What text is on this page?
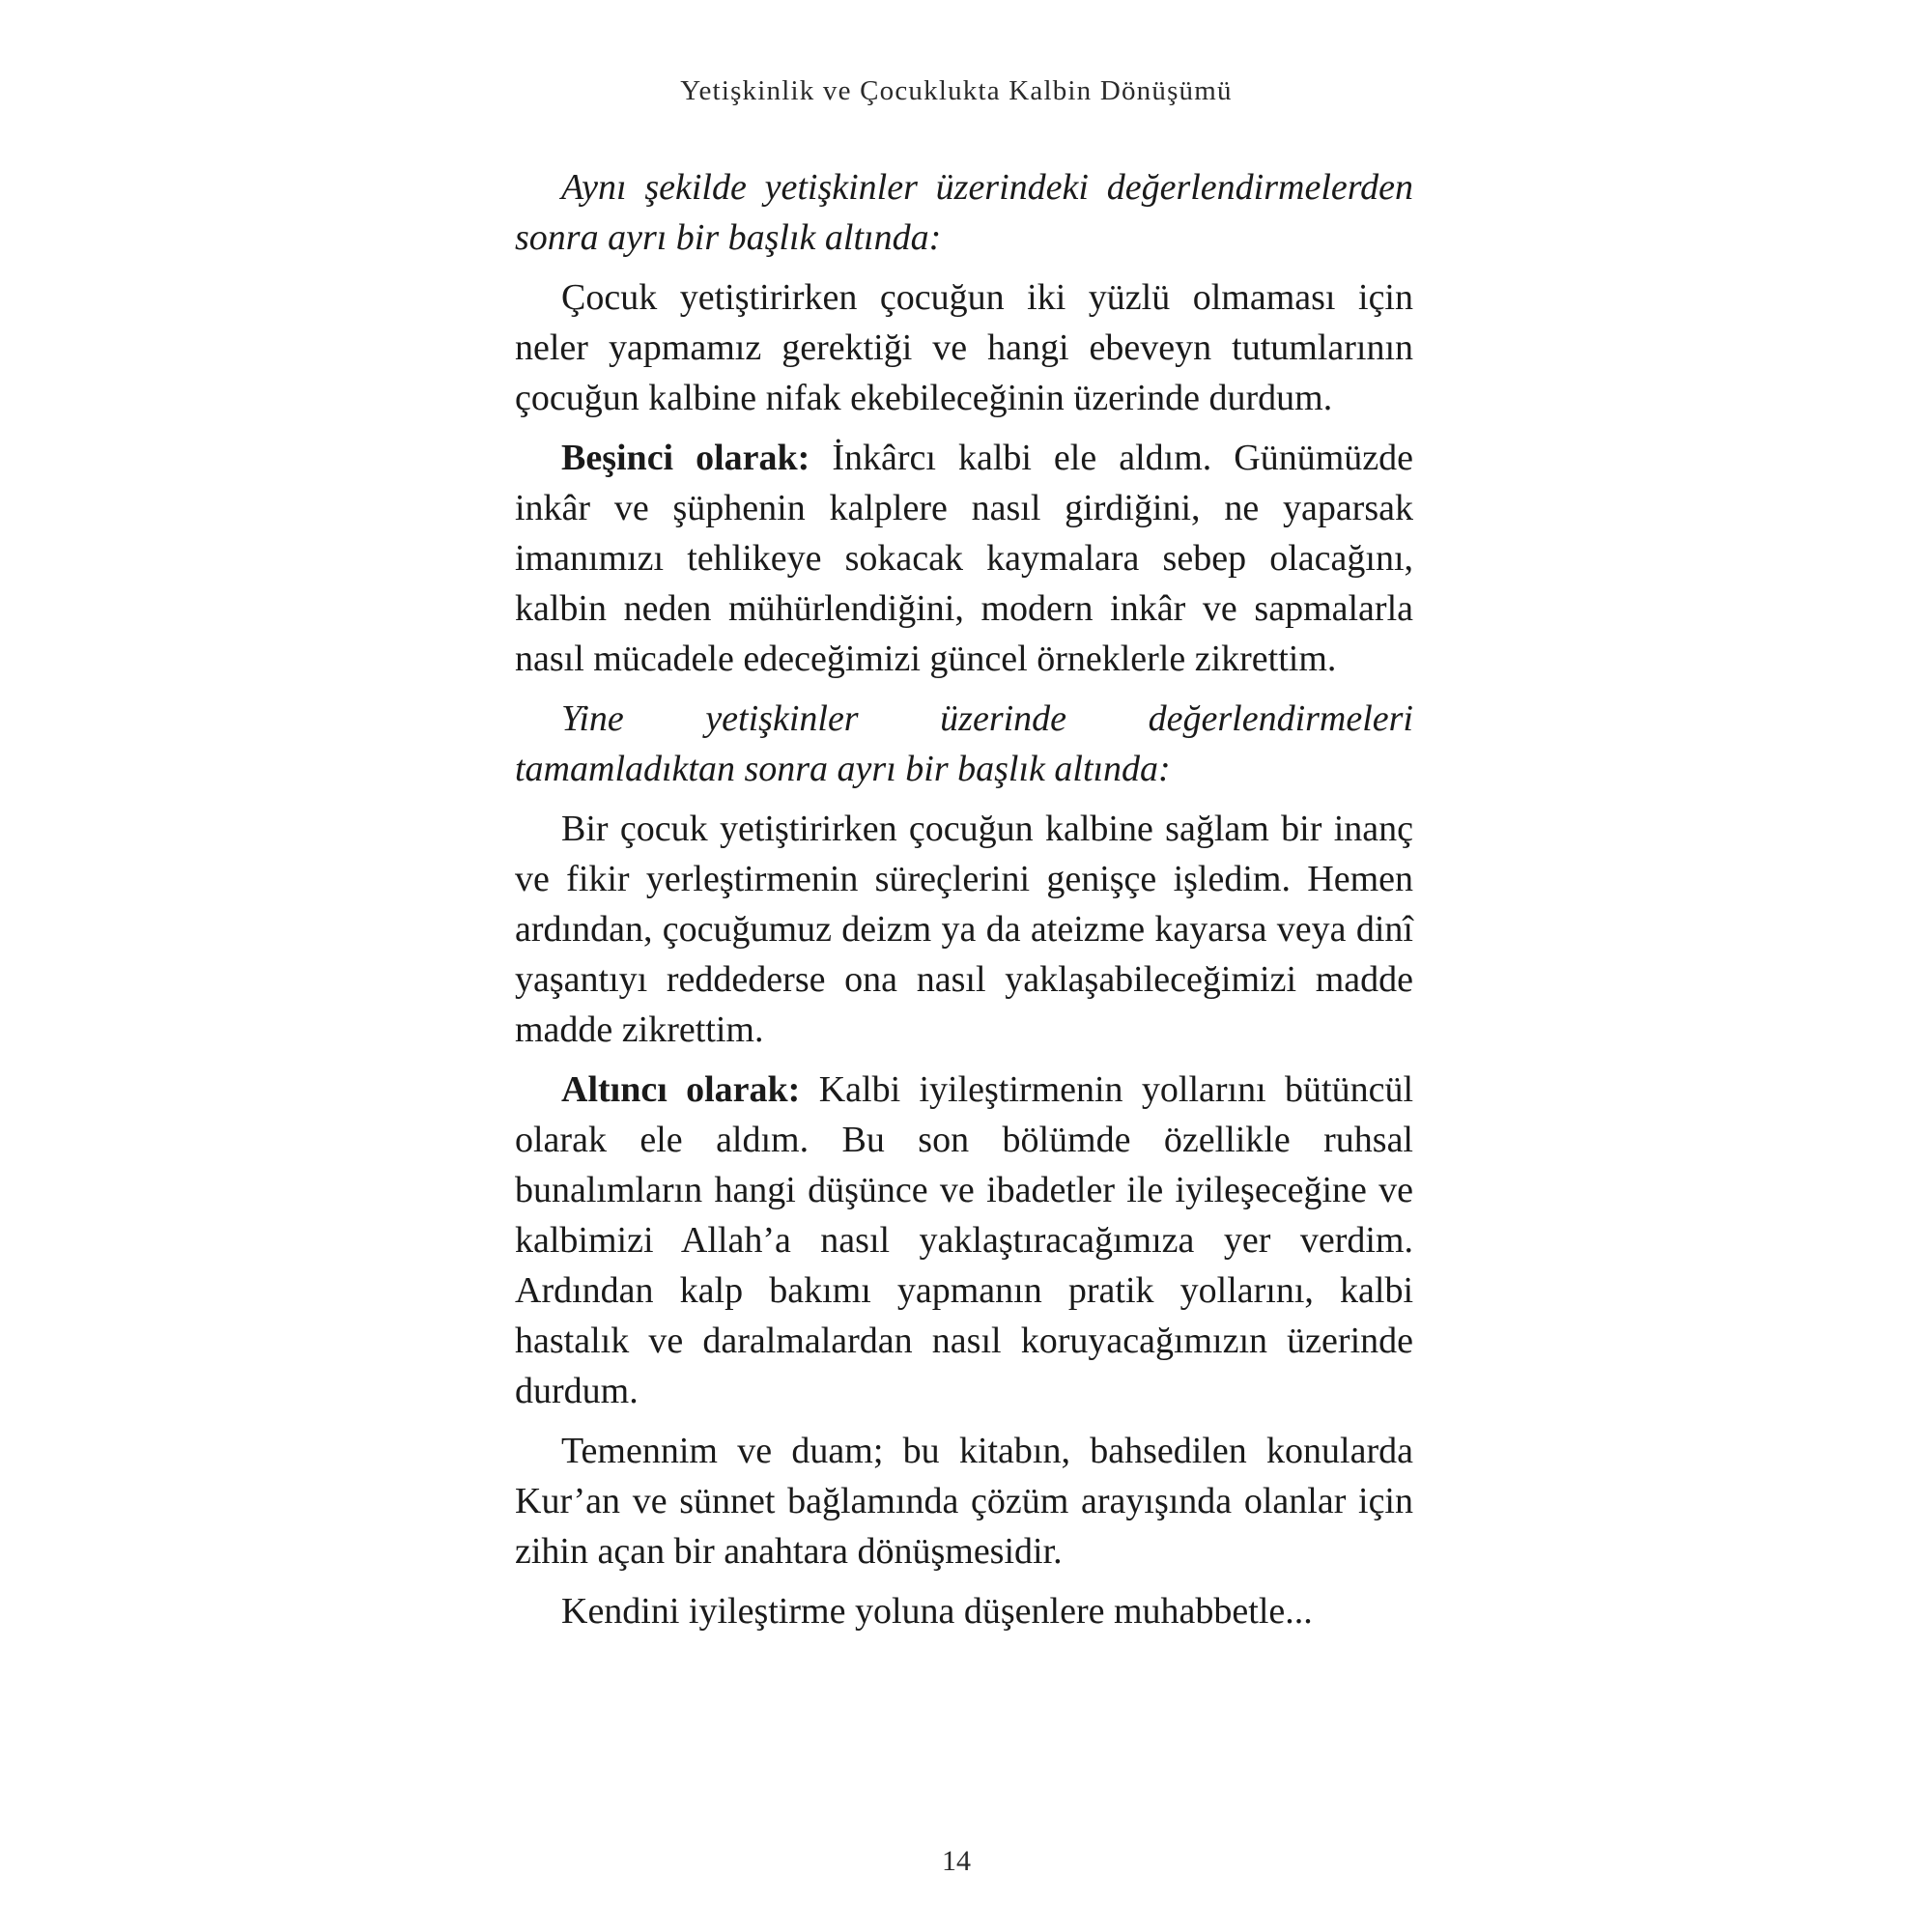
Yetişkinlik ve Çocuklukta Kalbin Dönüşümü

Aynı şekilde yetişkinler üzerindeki değerlendirmelerden sonra ayrı bir başlık altında:

Çocuk yetiştirirken çocuğun iki yüzlü olmaması için neler yapmamız gerektiği ve hangi ebeveyn tutumlarının çocuğun kalbine nifak ekebileceğinin üzerinde durdum.

Beşinci olarak: İnkârcı kalbi ele aldım. Günümüzde inkâr ve şüphenin kalplere nasıl girdiğini, ne yaparsak imanımızı tehlikeye sokacak kaymalara sebep olacağını, kalbin neden mühürlendiğini, modern inkâr ve sapmalarla nasıl mücadele edeceğimizi güncel örneklerle zikrettim.

Yine yetişkinler üzerinde değerlendirmeleri tamamladıktan sonra ayrı bir başlık altında:

Bir çocuk yetiştirirken çocuğun kalbine sağlam bir inanç ve fikir yerleştirmenin süreçlerini genişçe işledim. Hemen ardından, çocuğumuz deizm ya da ateizme kayarsa veya dinî yaşantıyı reddederse ona nasıl yaklaşabileceğimizi madde madde zikrettim.

Altıncı olarak: Kalbi iyileştirmenin yollarını bütüncül olarak ele aldım. Bu son bölümde özellikle ruhsal bunalımların hangi düşünce ve ibadetler ile iyileşeceğine ve kalbimizi Allah’a nasıl yaklaştıracağımıza yer verdim. Ardından kalp bakımı yapmanın pratik yollarını, kalbi hastalık ve daralmalardan nasıl koruyacağımızın üzerinde durdum.

Temennim ve duam; bu kitabın, bahsedilen konularda Kur’an ve sünnet bağlamında çözüm arayışında olanlar için zihin açan bir anahtara dönüşmesidir.

Kendini iyileştirme yoluna düşenlere muhabbetle...

14
